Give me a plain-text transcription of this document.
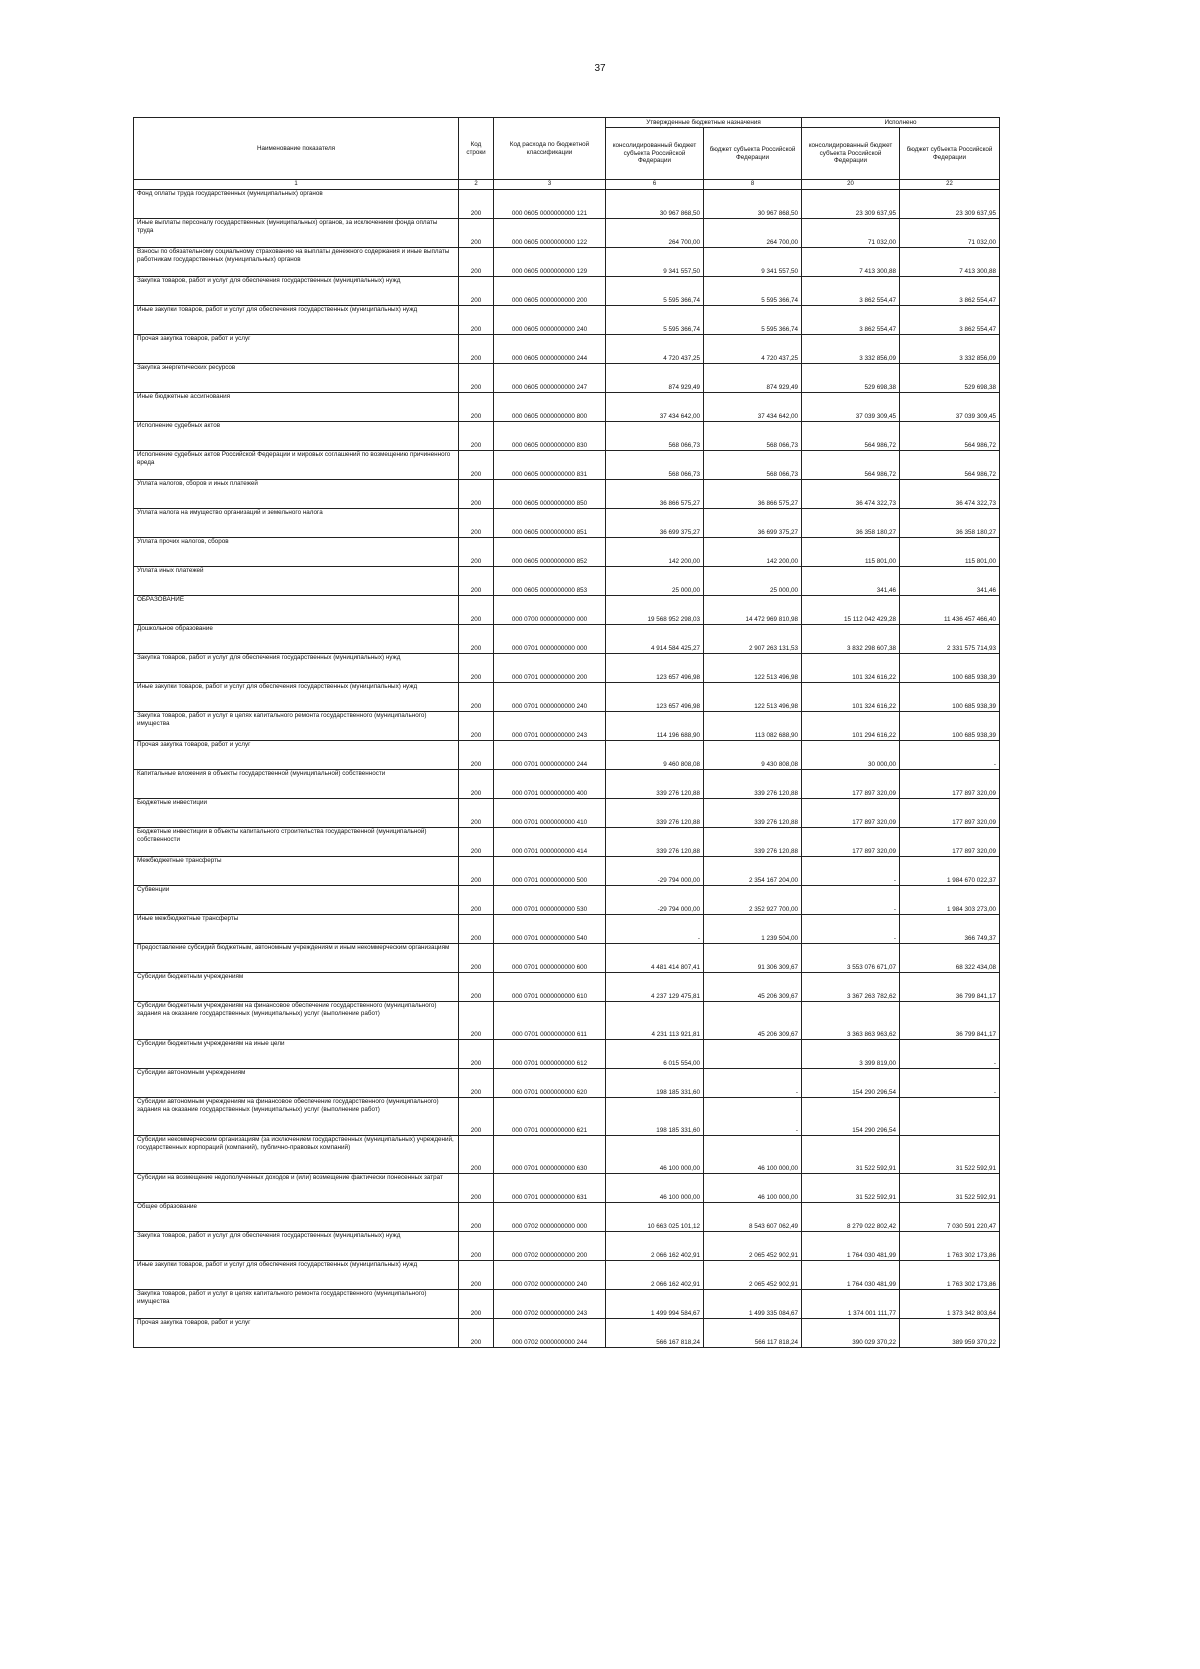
37
Наименование показателя	Код строки	Код расхода по бюджетной классификации	Утвержденные бюджетные назначения		Исполнено	
			консолидированный бюджет субъекта Российской Федерации	бюджет субъекта Российской Федерации	консолидированный бюджет субъекта Российской Федерации	бюджет субъекта Российской Федерации
1	2	3	6	8	20	22
Фонд оплаты труда государственных (муниципальных) органов	200	000 0605 0000000000 121	30 967 868,50	30 967 868,50	23 309 637,95	23 309 637,95
Иные выплаты персоналу государственных (муниципальных) органов, за исключением фонда оплаты труда	200	000 0605 0000000000 122	264 700,00	264 700,00	71 032,00	71 032,00
Взносы по обязательному социальному страхованию на выплаты денежного содержания и иные выплаты работникам государственных (муниципальных) органов	200	000 0605 0000000000 129	9 341 557,50	9 341 557,50	7 413 300,88	7 413 300,88
Закупка товаров, работ и услуг для обеспечения государственных (муниципальных) нужд	200	000 0605 0000000000 200	5 595 366,74	5 595 366,74	3 862 554,47	3 862 554,47
Иные закупки товаров, работ и услуг для обеспечения государственных (муниципальных) нужд	200	000 0605 0000000000 240	5 595 366,74	5 595 366,74	3 862 554,47	3 862 554,47
Прочая закупка товаров, работ и услуг	200	000 0605 0000000000 244	4 720 437,25	4 720 437,25	3 332 856,09	3 332 856,09
Закупка энергетических ресурсов	200	000 0605 0000000000 247	874 929,49	874 929,49	529 698,38	529 698,38
Иные бюджетные ассигнования	200	000 0605 0000000000 800	37 434 642,00	37 434 642,00	37 039 309,45	37 039 309,45
Исполнение судебных актов	200	000 0605 0000000000 830	568 066,73	568 066,73	564 986,72	564 986,72
Исполнение судебных актов Российской Федерации и мировых соглашений по возмещению причиненного вреда	200	000 0605 0000000000 831	568 066,73	568 066,73	564 986,72	564 986,72
Уплата налогов, сборов и иных платежей	200	000 0605 0000000000 850	36 866 575,27	36 866 575,27	36 474 322,73	36 474 322,73
Уплата налога на имущество организаций и земельного налога	200	000 0605 0000000000 851	36 699 375,27	36 699 375,27	36 358 180,27	36 358 180,27
Уплата прочих налогов, сборов	200	000 0605 0000000000 852	142 200,00	142 200,00	115 801,00	115 801,00
Уплата иных платежей	200	000 0605 0000000000 853	25 000,00	25 000,00	341,46	341,46
ОБРАЗОВАНИЕ	200	000 0700 0000000000 000	19 568 952 298,03	14 472 969 810,98	15 112 042 429,28	11 436 457 466,40
Дошкольное образование	200	000 0701 0000000000 000	4 914 584 425,27	2 907 263 131,53	3 832 298 607,38	2 331 575 714,93
Закупка товаров, работ и услуг для обеспечения государственных (муниципальных) нужд	200	000 0701 0000000000 200	123 657 496,98	122 513 496,98	101 324 616,22	100 685 938,39
Иные закупки товаров, работ и услуг для обеспечения государственных (муниципальных) нужд	200	000 0701 0000000000 240	123 657 496,98	122 513 496,98	101 324 616,22	100 685 938,39
Закупка товаров, работ и услуг в целях капитального ремонта государственного (муниципального) имущества	200	000 0701 0000000000 243	114 196 688,90	113 082 688,90	101 294 616,22	100 685 938,39
Прочая закупка товаров, работ и услуг	200	000 0701 0000000000 244	9 460 808,08	9 430 808,08	30 000,00	-
Капитальные вложения в объекты государственной (муниципальной) собственности	200	000 0701 0000000000 400	339 276 120,88	339 276 120,88	177 897 320,09	177 897 320,09
Бюджетные инвестиции	200	000 0701 0000000000 410	339 276 120,88	339 276 120,88	177 897 320,09	177 897 320,09
Бюджетные инвестиции в объекты капитального строительства государственной (муниципальной) собственности	200	000 0701 0000000000 414	339 276 120,88	339 276 120,88	177 897 320,09	177 897 320,09
Межбюджетные трансферты	200	000 0701 0000000000 500	-29 794 000,00	2 354 167 204,00	-	1 984 670 022,37
Субвенции	200	000 0701 0000000000 530	-29 794 000,00	2 352 927 700,00	-	1 984 303 273,00
Иные межбюджетные трансферты	200	000 0701 0000000000 540	-	1 239 504,00	-	366 749,37
Предоставление субсидий бюджетным, автономным учреждениям и иным некоммерческим организациям	200	000 0701 0000000000 600	4 481 414 807,41	91 306 309,67	3 553 076 671,07	68 322 434,08
Субсидии бюджетным учреждениям	200	000 0701 0000000000 610	4 237 129 475,81	45 206 309,67	3 367 263 782,62	36 799 841,17
Субсидии бюджетным учреждениям на финансовое обеспечение государственного (муниципального) задания на оказание государственных (муниципальных) услуг (выполнение работ)	200	000 0701 0000000000 611	4 231 113 921,81	45 206 309,67	3 363 863 963,62	36 799 841,17
Субсидии бюджетным учреждениям на иные цели	200	000 0701 0000000000 612	6 015 554,00		3 399 819,00	-
Субсидии автономным учреждениям	200	000 0701 0000000000 620	198 185 331,60	-	154 290 296,54	-
Субсидии автономным учреждениям на финансовое обеспечение государственного (муниципального) задания на оказание государственных (муниципальных) услуг (выполнение работ)	200	000 0701 0000000000 621	198 185 331,60	-	154 290 296,54	
Субсидии некоммерческим организациям (за исключением государственных (муниципальных) учреждений, государственных корпораций (компаний), публично-правовых компаний)	200	000 0701 0000000000 630	46 100 000,00	46 100 000,00	31 522 592,91	31 522 592,91
Субсидии на возмещение недополученных доходов и (или) возмещение фактически понесенных затрат	200	000 0701 0000000000 631	46 100 000,00	46 100 000,00	31 522 592,91	31 522 592,91
Общее образование	200	000 0702 0000000000 000	10 663 025 101,12	8 543 607 062,49	8 279 022 802,42	7 030 591 220,47
Закупка товаров, работ и услуг для обеспечения государственных (муниципальных) нужд	200	000 0702 0000000000 200	2 066 162 402,91	2 065 452 902,91	1 764 030 481,99	1 763 302 173,86
Иные закупки товаров, работ и услуг для обеспечения государственных (муниципальных) нужд	200	000 0702 0000000000 240	2 066 162 402,91	2 065 452 902,91	1 764 030 481,99	1 763 302 173,86
Закупка товаров, работ и услуг в целях капитального ремонта государственного (муниципального) имущества	200	000 0702 0000000000 243	1 499 994 584,67	1 499 335 084,67	1 374 001 111,77	1 373 342 803,64
Прочая закупка товаров, работ и услуг	200	000 0702 0000000000 244	566 167 818,24	566 117 818,24	390 029 370,22	389 959 370,22
